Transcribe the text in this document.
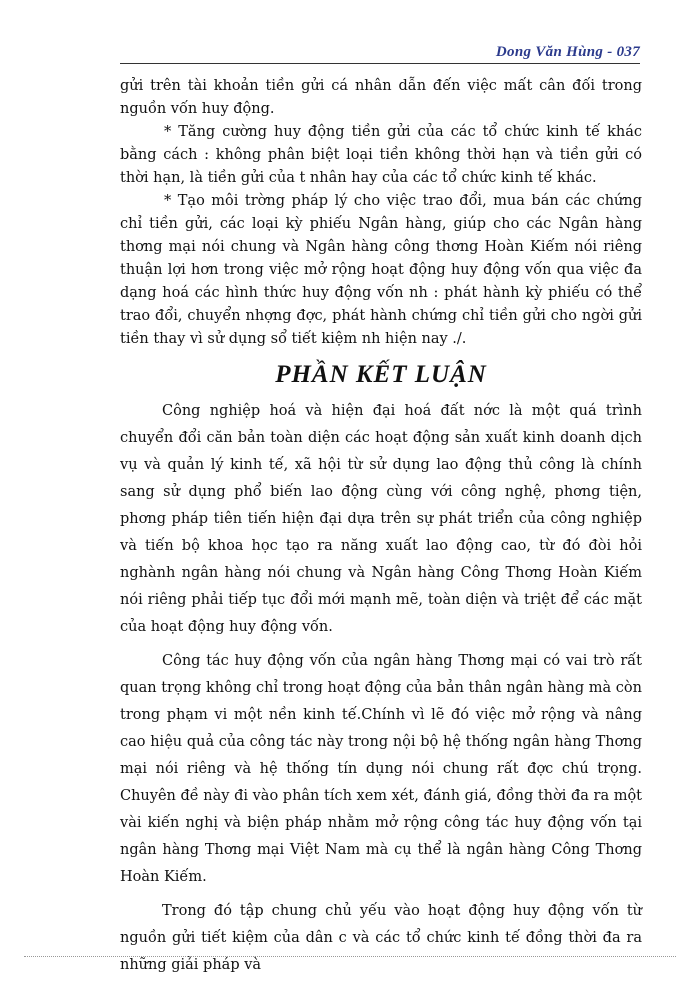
Dong Văn Hùng - 037

gửi trên tài khoản tiền gửi cá nhân dẫn đến việc mất cân đối trong nguồn vốn huy động.

* Tăng cường huy động tiền gửi của các tổ chức kinh tế khác bằng cách : không phân biệt loại tiền không thời hạn và tiền gửi có thời hạn, là tiền gửi của t nhân hay của các tổ chức kinh tế khác.

* Tạo môi trờng pháp lý cho việc trao đổi, mua bán các chứng chỉ tiền gửi, các loại kỳ phiếu Ngân hàng, giúp cho các Ngân hàng thơng mại nói chung và Ngân hàng công thơng Hoàn Kiếm nói riêng thuận lợi hơn trong việc mở rộng hoạt động huy động vốn qua việc đa dạng hoá các hình thức huy động vốn nh : phát hành kỳ phiếu có thể trao đổi, chuyển nhợng đợc, phát hành chứng chỉ tiền gửi cho ngời gửi tiền thay vì sử dụng sổ tiết kiệm nh hiện nay ./.

PHẦN KẾT LUẬN

Công nghiệp hoá và hiện đại hoá đất nớc là một quá trình chuyển đổi căn bản toàn diện các hoạt động sản xuất kinh doanh dịch vụ và quản lý kinh tế, xã hội từ sử dụng lao động thủ công là chính sang sử dụng phổ biến lao động cùng với công nghệ, phơng tiện, phơng pháp tiên tiến hiện đại dựa trên sự phát triển của công nghiệp và tiến bộ khoa học tạo ra năng xuất lao động cao, từ đó đòi hỏi nghành ngân hàng nói chung và Ngân hàng Công Thơng Hoàn Kiếm nói riêng phải tiếp tục đổi mới mạnh mẽ, toàn diện và triệt để các mặt của hoạt động huy động vốn.

Công tác huy động vốn của ngân hàng Thơng mại có vai trò rất quan trọng không chỉ trong hoạt động của bản thân ngân hàng mà còn trong phạm vi một nền kinh tế.Chính vì lẽ đó việc mở rộng và nâng cao hiệu quả của công tác này trong nội bộ hệ thống ngân hàng Thơng mại nói riêng và hệ thống tín dụng nói chung rất đợc chú trọng. Chuyên đề này đi vào phân tích xem xét, đánh giá, đồng thời đa ra một vài kiến nghị và biện pháp nhằm mở rộng công tác huy động vốn tại ngân hàng Thơng mại Việt Nam mà cụ thể là ngân hàng Công Thơng Hoàn Kiếm.

Trong đó tập chung chủ yếu vào hoạt động huy động vốn từ nguồn gửi tiết kiệm của dân c và các tổ chức kinh tế đồng thời đa ra những giải pháp và
